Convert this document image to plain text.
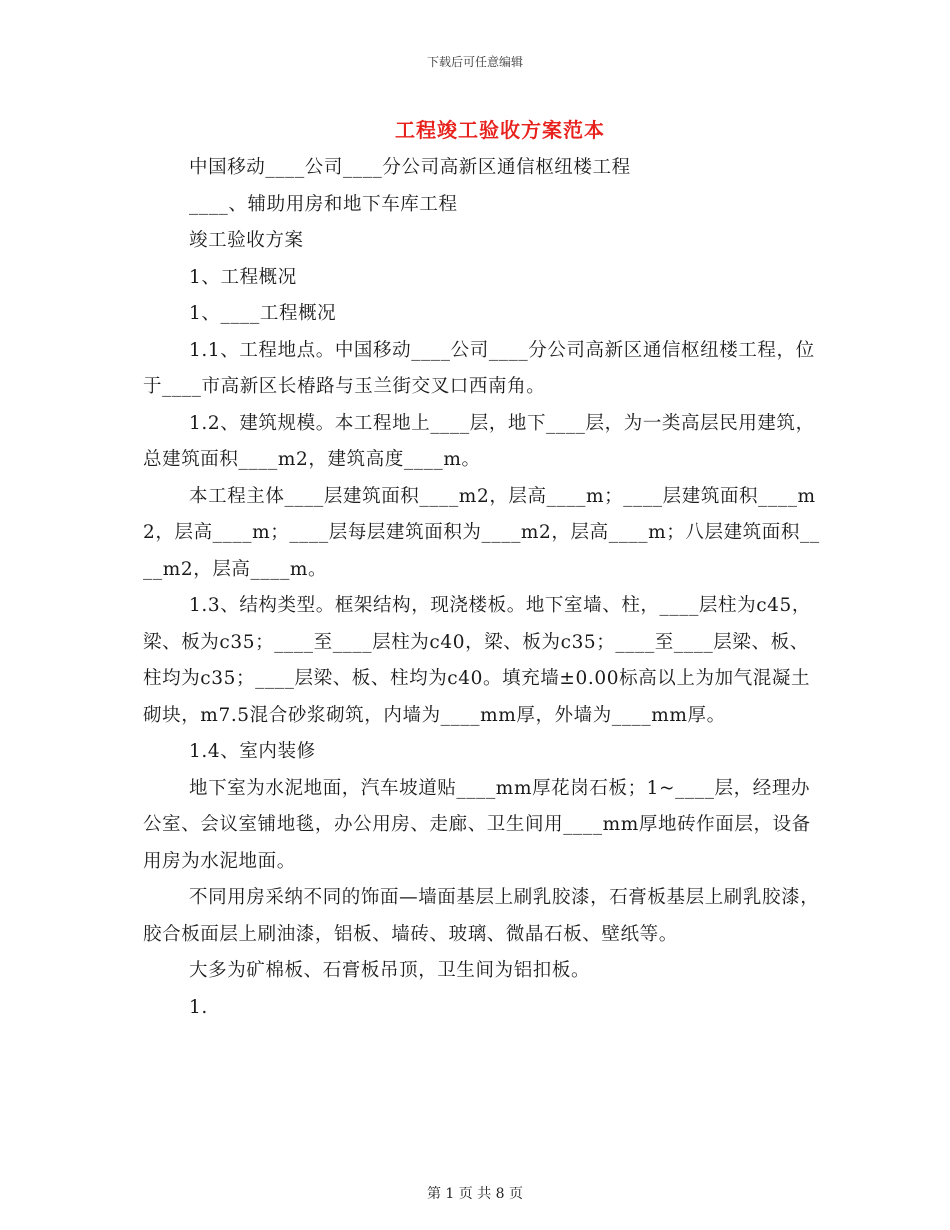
下载后可任意编辑
工程竣工验收方案范本

中国移动____公司____分公司高新区通信枢纽楼工程

____、辅助用房和地下车库工程

竣工验收方案

1、工程概况

1、____工程概况

1.1、工程地点。中国移动____公司____分公司高新区通信枢纽楼工程，位于____市高新区长椿路与玉兰街交叉口西南角。

1.2、建筑规模。本工程地上____层，地下____层，为一类高层民用建筑，总建筑面积____m2，建筑高度____m。

本工程主体____层建筑面积____m2，层高____m；____层建筑面积____m2，层高____m；____层每层建筑面积为____m2，层高____m；八层建筑面积____m2，层高____m。

1.3、结构类型。框架结构，现浇楼板。地下室墙、柱，____层柱为c45，梁、板为c35；____至____层柱为c40，梁、板为c35；____至____层梁、板、柱均为c35；____层梁、板、柱均为c40。填充墙±0.00标高以上为加气混凝土砌块，m7.5混合砂浆砌筑，内墙为____mm厚，外墙为____mm厚。

1.4、室内装修

地下室为水泥地面，汽车坡道贴____mm厚花岗石板；1~____层，经理办公室、会议室铺地毯，办公用房、走廊、卫生间用____mm厚地砖作面层，设备用房为水泥地面。

不同用房采纳不同的饰面—墙面基层上刷乳胶漆，石膏板基层上刷乳胶漆，胶合板面层上刷油漆，铝板、墙砖、玻璃、微晶石板、壁纸等。

大多为矿棉板、石膏板吊顶，卫生间为铝扣板。

1.

第 1 页 共 8 页
